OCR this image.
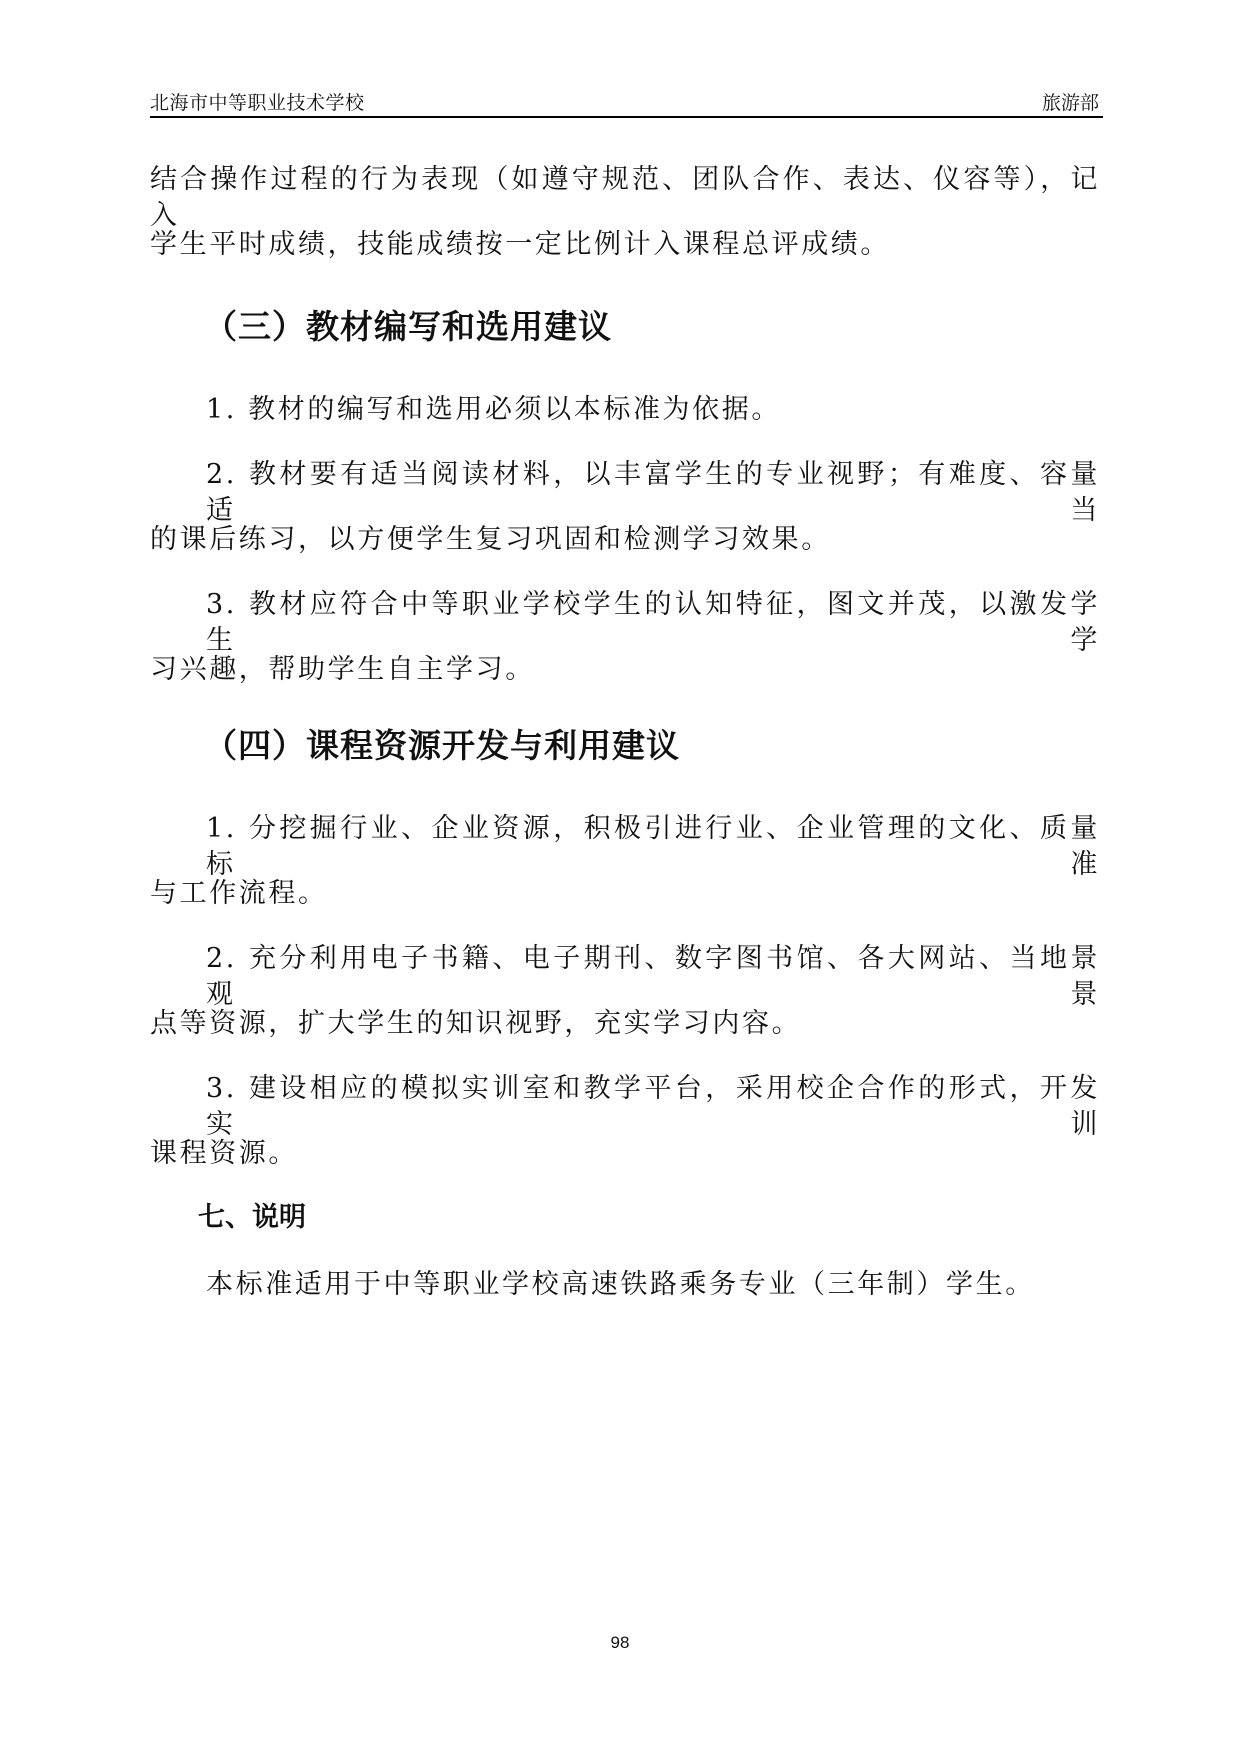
北海市中等职业技术学校	旅游部
结合操作过程的行为表现（如遵守规范、团队合作、表达、仪容等），记入
学生平时成绩，技能成绩按一定比例计入课程总评成绩。
（三）教材编写和选用建议
1. 教材的编写和选用必须以本标准为依据。
2. 教材要有适当阅读材料，以丰富学生的专业视野；有难度、容量适当
的课后练习，以方便学生复习巩固和检测学习效果。
3. 教材应符合中等职业学校学生的认知特征，图文并茂，以激发学生学
习兴趣，帮助学生自主学习。
（四）课程资源开发与利用建议
1. 分挖掘行业、企业资源，积极引进行业、企业管理的文化、质量标准
与工作流程。
2. 充分利用电子书籍、电子期刊、数字图书馆、各大网站、当地景观景
点等资源，扩大学生的知识视野，充实学习内容。
3. 建设相应的模拟实训室和教学平台，采用校企合作的形式，开发实训
课程资源。
七、说明
本标准适用于中等职业学校高速铁路乘务专业（三年制）学生。
98
